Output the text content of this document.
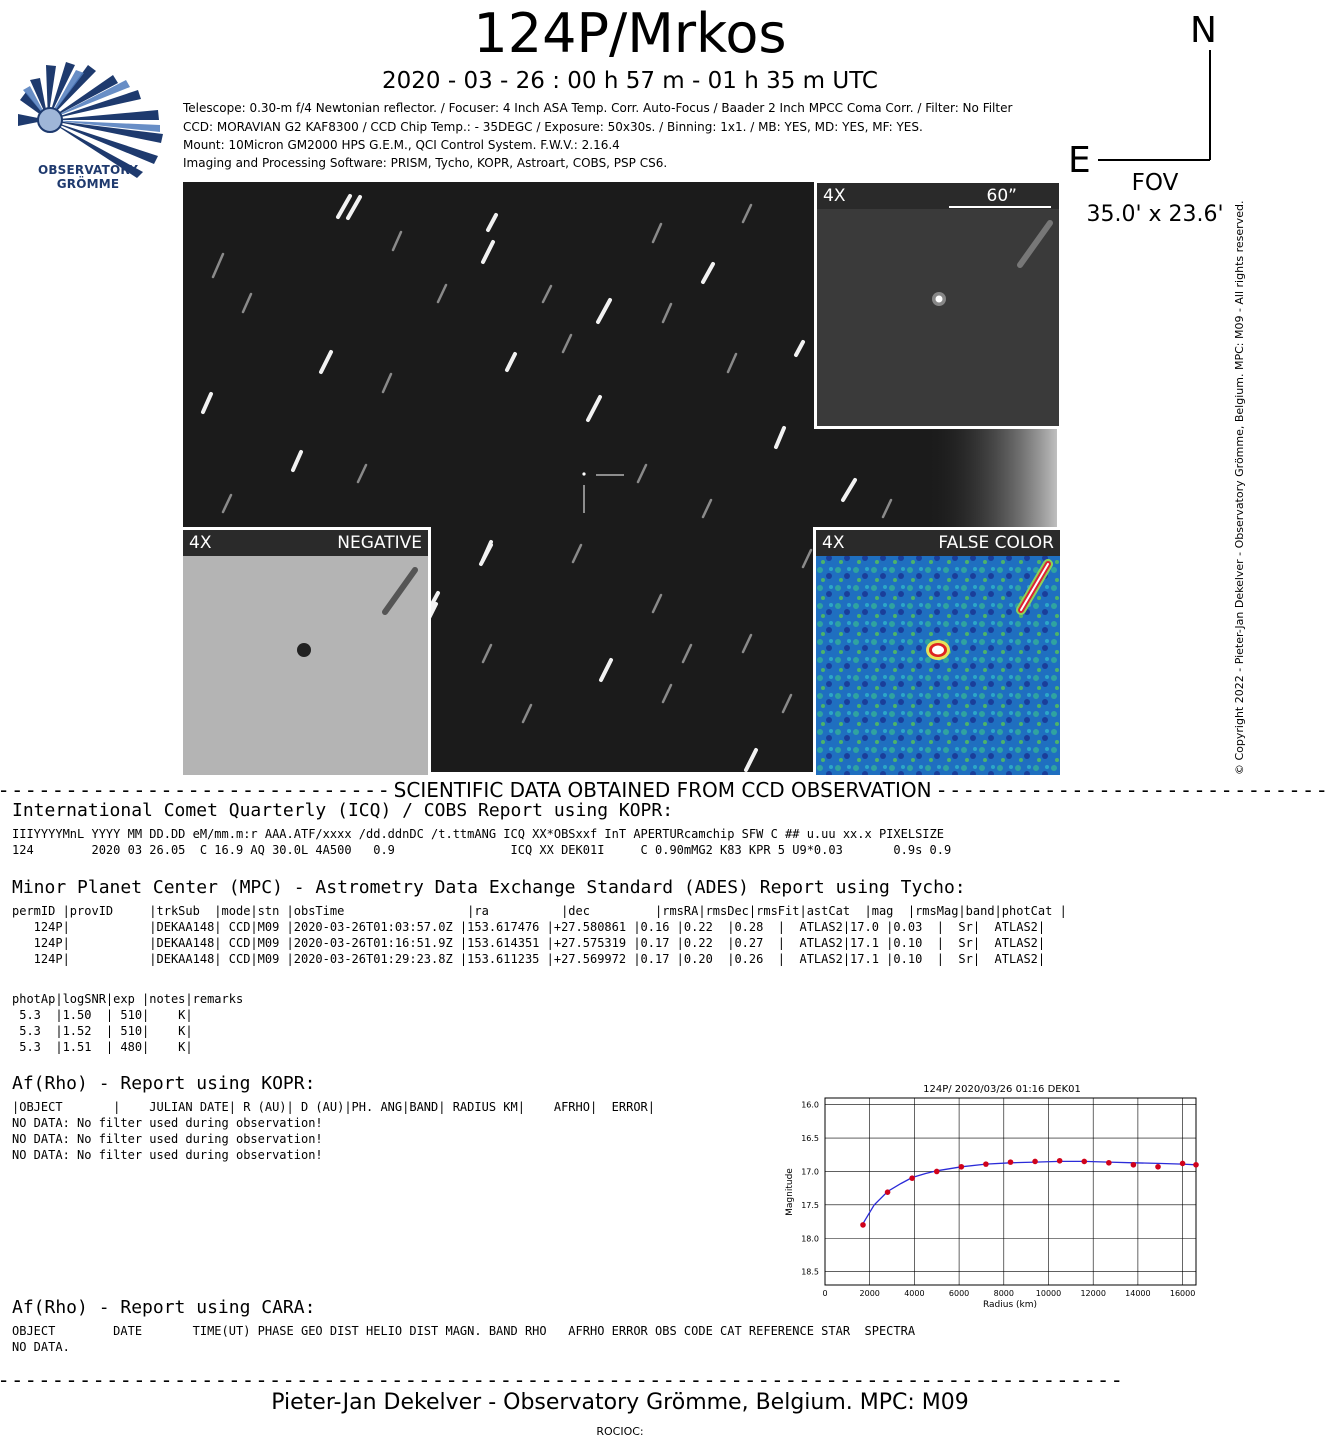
OBSERVATORY GRÖMME
124P/Mrkos
2020 - 03 - 26 : 00 h 57 m - 01 h 35 m UTC
Telescope: 0.30-m f/4 Newtonian reflector. / Focuser: 4 Inch ASA Temp. Corr. Auto-Focus / Baader 2 Inch MPCC Coma Corr. / Filter: No Filter
CCD: MORAVIAN G2 KAF8300 / CCD Chip Temp.: - 35DEGC / Exposure: 50x30s. / Binning: 1x1. / MB: YES, MD: YES, MF: YES.
Mount: 10Micron GM2000 HPS G.E.M., QCI Control System. F.W.V.: 2.16.4
Imaging and Processing Software: PRISM, Tycho, KOPR, Astroart, COBS, PSP CS6.
N
E
FOV
35.0' x 23.6' © Copyright 2022 - Pieter-Jan Dekelver - Observatory Grömme, Belgium. MPC: M09 - All rights reserved.
4X	60”
4X	NEGATIVE	4X	FALSE COLOR
- - - - - - - - - - - - - - - - - - - - - - - - - - - - - SCIENTIFIC DATA OBTAINED FROM CCD OBSERVATION - - - - - - - - - - - - - - - - - - - - - - - - - - - - -
International Comet Quarterly (ICQ) / COBS Report using KOPR:
IIIYYYYMnL YYYY MM DD.DD eM/mm.m:r AAA.ATF/xxxx /dd.ddnDC /t.ttmANG ICQ XX*OBSxxf InT APERTURcamchip SFW C ## u.uu xx.x PIXELSIZE
124        2020 03 26.05  C 16.9 AQ 30.0L 4A500   0.9                ICQ XX DEK01I     C 0.90mMG2 K83 KPR 5 U9*0.03       0.9s 0.9
Minor Planet Center (MPC) - Astrometry Data Exchange Standard (ADES) Report using Tycho:
permID |provID     |trkSub  |mode|stn |obsTime                 |ra          |dec         |rmsRA|rmsDec|rmsFit|astCat  |mag  |rmsMag|band|photCat |
124P|           |DEKAA148| CCD|M09 |2020-03-26T01:03:57.0Z |153.617476 |+27.580861 |0.16 |0.22  |0.28  |  ATLAS2|17.0 |0.03  |  Sr|  ATLAS2|
124P|           |DEKAA148| CCD|M09 |2020-03-26T01:16:51.9Z |153.614351 |+27.575319 |0.17 |0.22  |0.27  |  ATLAS2|17.1 |0.10  |  Sr|  ATLAS2|
124P|           |DEKAA148| CCD|M09 |2020-03-26T01:29:23.8Z |153.611235 |+27.569972 |0.17 |0.20  |0.26  |  ATLAS2|17.1 |0.10  |  Sr|  ATLAS2|
photAp|logSNR|exp |notes|remarks
5.3  |1.50  | 510|    K|
5.3  |1.52  | 510|    K|
5.3  |1.51  | 480|    K|
Af(Rho) - Report using KOPR:
|OBJECT       |    JULIAN DATE| R (AU)| D (AU)|PH. ANG|BAND| RADIUS KM|    AFRHO|  ERROR|
NO DATA: No filter used during observation!
NO DATA: No filter used during observation!
NO DATA: No filter used during observation!
124P/ 2020/03/26 01:16 DEK01
0	2000	4000	6000	8000	10000 12000 14000 16000
16.0
16.5
17.0
17.5
18.0
18.5
Radius (km)
Magnitude
Af(Rho) - Report using CARA:
OBJECT        DATE       TIME(UT) PHASE GEO DIST HELIO DIST MAGN. BAND RHO   AFRHO ERROR OBS CODE CAT REFERENCE STAR  SPECTRA
NO DATA.
- - - - - - - - - - - - - - - - - - - - - - - - - - - - - - - - - - - - - - - - - - - - - - - - - - - - - - - - - - - - - - - - - - - - - - - - - - - - - - - - - - -
Pieter-Jan Dekelver - Observatory Grömme, Belgium. MPC: M09
ROCIOC:
